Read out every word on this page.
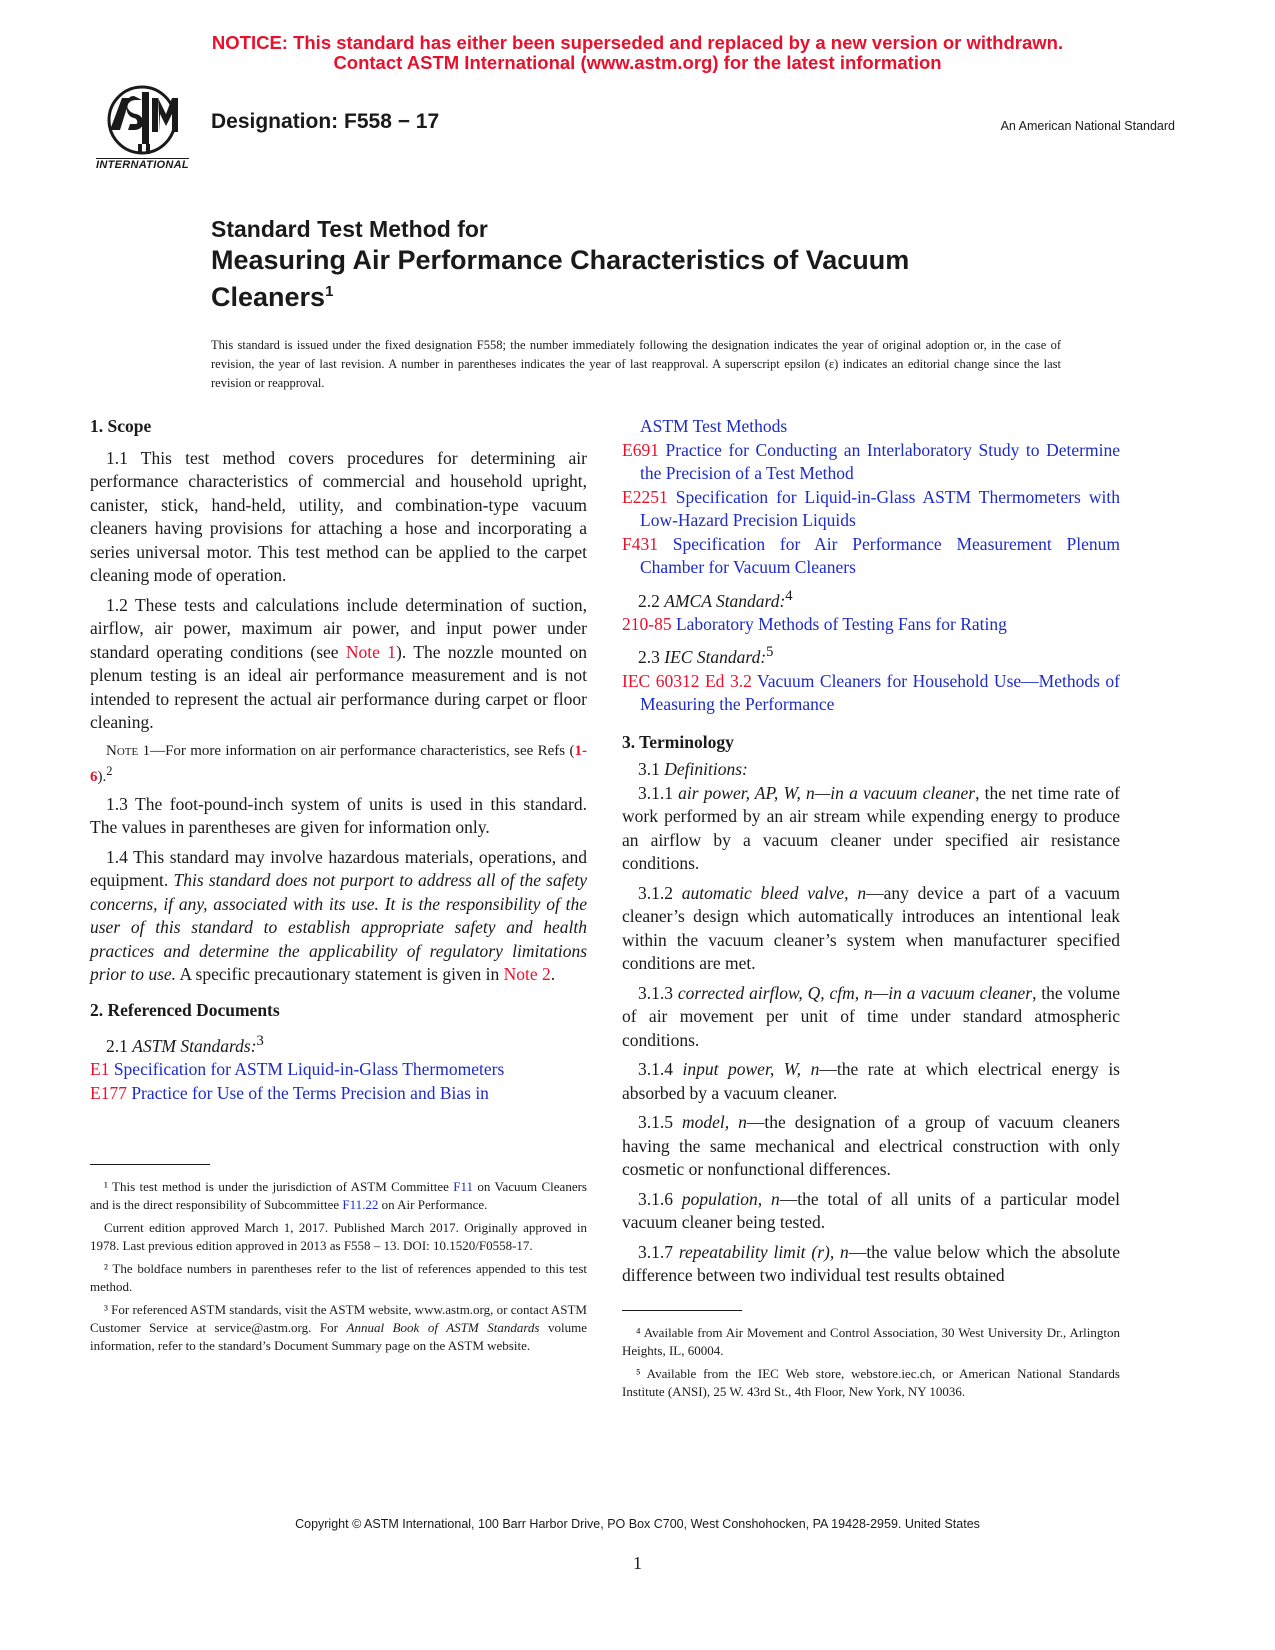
NOTICE: This standard has either been superseded and replaced by a new version or withdrawn.
Contact ASTM International (www.astm.org) for the latest information
INTERNATIONAL
Designation: F558 − 17	An American National Standard
Standard Test Method for
Measuring Air Performance Characteristics of Vacuum
Cleaners$^1$
This standard is issued under the fixed designation F558; the number immediately following the designation indicates the year of original adoption or, in the case of revision, the year of last revision. A number in parentheses indicates the year of last reapproval. A superscript epsilon (ε) indicates an editorial change since the last revision or reapproval.

1. Scope

1.1 This test method covers procedures for determining air performance characteristics of commercial and household upright, canister, stick, hand-held, utility, and combination-type vacuum cleaners having provisions for attaching a hose and incorporating a series universal motor. This test method can be applied to the carpet cleaning mode of operation.

1.2 These tests and calculations include determination of suction, airflow, air power, maximum air power, and input power under standard operating conditions (see Note 1). The nozzle mounted on plenum testing is an ideal air performance measurement and is not intended to represent the actual air performance during carpet or floor cleaning.

Note 1—For more information on air performance characteristics, see Refs (1-6).$^2$

1.3 The foot-pound-inch system of units is used in this standard. The values in parentheses are given for information only.

1.4 This standard may involve hazardous materials, operations, and equipment. This standard does not purport to address all of the safety concerns, if any, associated with its use. It is the responsibility of the user of this standard to establish appropriate safety and health practices and determine the applicability of regulatory limitations prior to use. A specific precautionary statement is given in Note 2.

2. Referenced Documents

2.1 ASTM Standards:$^3$

E1 Specification for ASTM Liquid-in-Glass Thermometers

E177 Practice for Use of the Terms Precision and Bias in

¹ This test method is under the jurisdiction of ASTM Committee F11 on Vacuum Cleaners and is the direct responsibility of Subcommittee F11.22 on Air Performance.

Current edition approved March 1, 2017. Published March 2017. Originally approved in 1978. Last previous edition approved in 2013 as F558 – 13. DOI: 10.1520/F0558-17.

² The boldface numbers in parentheses refer to the list of references appended to this test method.

³ For referenced ASTM standards, visit the ASTM website, www.astm.org, or contact ASTM Customer Service at service@astm.org. For Annual Book of ASTM Standards volume information, refer to the standard’s Document Summary page on the ASTM website.

ASTM Test Methods

E691 Practice for Conducting an Interlaboratory Study to Determine the Precision of a Test Method

E2251 Specification for Liquid-in-Glass ASTM Thermometers with Low-Hazard Precision Liquids

F431 Specification for Air Performance Measurement Plenum Chamber for Vacuum Cleaners

2.2 AMCA Standard:$^4$

210-85 Laboratory Methods of Testing Fans for Rating

2.3 IEC Standard:$^5$

IEC 60312 Ed 3.2 Vacuum Cleaners for Household Use—Methods of Measuring the Performance

3. Terminology

3.1 Definitions:

3.1.1 air power, AP, W, n—in a vacuum cleaner, the net time rate of work performed by an air stream while expending energy to produce an airflow by a vacuum cleaner under specified air resistance conditions.

3.1.2 automatic bleed valve, n—any device a part of a vacuum cleaner’s design which automatically introduces an intentional leak within the vacuum cleaner’s system when manufacturer specified conditions are met.

3.1.3 corrected airflow, Q, cfm, n—in a vacuum cleaner, the volume of air movement per unit of time under standard atmospheric conditions.

3.1.4 input power, W, n—the rate at which electrical energy is absorbed by a vacuum cleaner.

3.1.5 model, n—the designation of a group of vacuum cleaners having the same mechanical and electrical construction with only cosmetic or nonfunctional differences.

3.1.6 population, n—the total of all units of a particular model vacuum cleaner being tested.

3.1.7 repeatability limit (r), n—the value below which the absolute difference between two individual test results obtained

⁴ Available from Air Movement and Control Association, 30 West University Dr., Arlington Heights, IL, 60004.

⁵ Available from the IEC Web store, webstore.iec.ch, or American National Standards Institute (ANSI), 25 W. 43rd St., 4th Floor, New York, NY 10036.

Copyright © ASTM International, 100 Barr Harbor Drive, PO Box C700, West Conshohocken, PA 19428-2959. United States
1
